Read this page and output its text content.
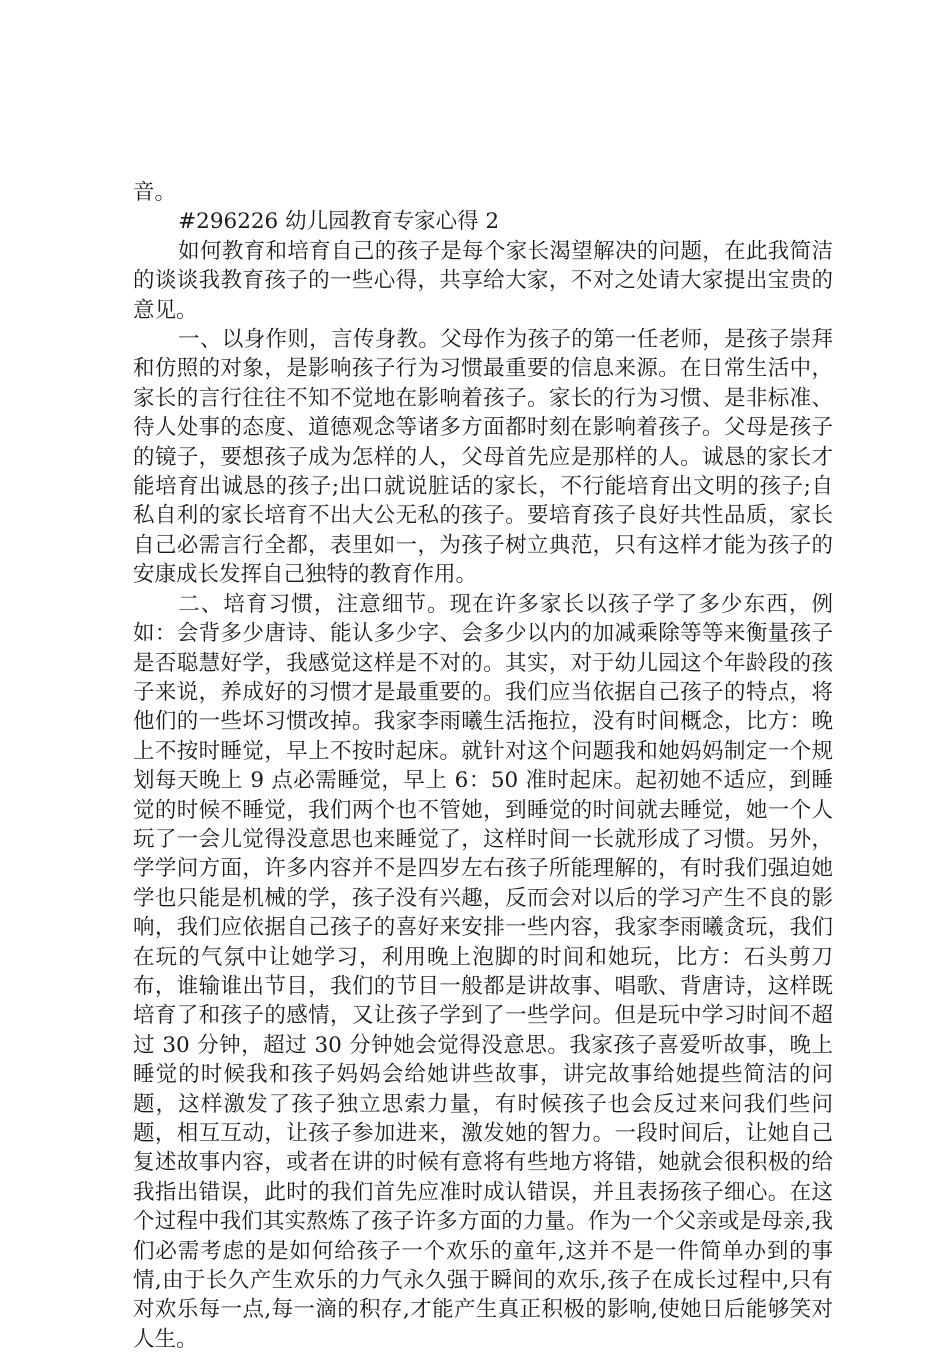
音。

#296226 幼儿园教育专家心得 2

如何教育和培育自己的孩子是每个家长渴望解决的问题，在此我简洁的谈谈我教育孩子的一些心得，共享给大家，不对之处请大家提出宝贵的意见。

一、以身作则，言传身教。父母作为孩子的第一任老师，是孩子崇拜和仿照的对象，是影响孩子行为习惯最重要的信息来源。在日常生活中，家长的言行往往不知不觉地在影响着孩子。家长的行为习惯、是非标准、待人处事的态度、道德观念等诸多方面都时刻在影响着孩子。父母是孩子的镜子，要想孩子成为怎样的人，父母首先应是那样的人。诚恳的家长才能培育出诚恳的孩子;出口就说脏话的家长，不行能培育出文明的孩子;自私自利的家长培育不出大公无私的孩子。要培育孩子良好共性品质，家长自己必需言行全都，表里如一，为孩子树立典范，只有这样才能为孩子的安康成长发挥自己独特的教育作用。

二、培育习惯，注意细节。现在许多家长以孩子学了多少东西，例如：会背多少唐诗、能认多少字、会多少以内的加减乘除等等来衡量孩子是否聪慧好学，我感觉这样是不对的。其实，对于幼儿园这个年龄段的孩子来说，养成好的习惯才是最重要的。我们应当依据自己孩子的特点，将他们的一些坏习惯改掉。我家李雨曦生活拖拉，没有时间概念，比方：晚上不按时睡觉，早上不按时起床。就针对这个问题我和她妈妈制定一个规划每天晚上 9 点必需睡觉，早上 6：50 准时起床。起初她不适应，到睡觉的时候不睡觉，我们两个也不管她，到睡觉的时间就去睡觉，她一个人玩了一会儿觉得没意思也来睡觉了，这样时间一长就形成了习惯。另外，学学问方面，许多内容并不是四岁左右孩子所能理解的，有时我们强迫她学也只能是机械的学，孩子没有兴趣，反而会对以后的学习产生不良的影响，我们应依据自己孩子的喜好来安排一些内容，我家李雨曦贪玩，我们在玩的气氛中让她学习，利用晚上泡脚的时间和她玩，比方：石头剪刀布，谁输谁出节目，我们的节目一般都是讲故事、唱歌、背唐诗，这样既培育了和孩子的感情，又让孩子学到了一些学问。但是玩中学习时间不超过 30 分钟，超过 30 分钟她会觉得没意思。我家孩子喜爱听故事，晚上睡觉的时候我和孩子妈妈会给她讲些故事，讲完故事给她提些简洁的问题，这样激发了孩子独立思索力量，有时候孩子也会反过来问我们些问题，相互互动，让孩子参加进来，激发她的智力。一段时间后，让她自己复述故事内容，或者在讲的时候有意将有些地方将错，她就会很积极的给我指出错误，此时的我们首先应准时成认错误，并且表扬孩子细心。在这个过程中我们其实熬炼了孩子许多方面的力量。作为一个父亲或是母亲,我们必需考虑的是如何给孩子一个欢乐的童年,这并不是一件简单办到的事情,由于长久产生欢乐的力气永久强于瞬间的欢乐,孩子在成长过程中,只有对欢乐每一点,每一滴的积存,才能产生真正积极的影响,使她日后能够笑对人生。
